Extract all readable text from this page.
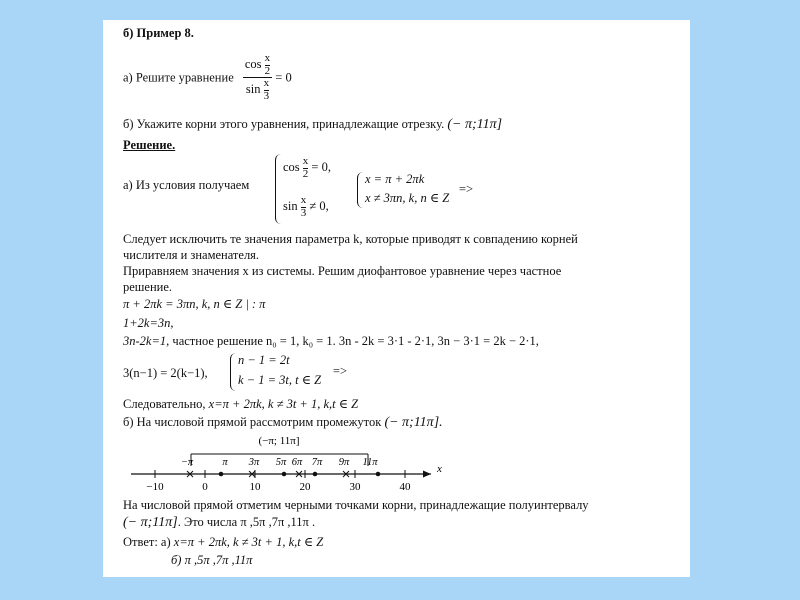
б) Пример 8.
а) Решите уравнение $\frac{\cos \frac{x}{2}}{\sin \frac{x}{3}} = 0$
б) Укажите корни этого уравнения, принадлежащие отрезку. (− π;11π]
Решение.
а) Из условия получаем
$\cos \frac{x}{2} = 0$,
$\sin \frac{x}{3} \ne 0$,
x = π + 2πk
x ≠ 3πn, k, n ∈ Z
=>
Следует исключить те значения параметра k, которые приводят к совпадению корней
числителя и знаменателя.
Приравняем значения x из системы. Решим диофантовое уравнение через частное
решение.
π + 2πk = 3πn, k, n ∈ Z | : π
1+2k=3n,
3n-2k=1, частное решение n₀ = 1, k₀ = 1. 3n - 2k = 3·1 - 2·1, 3n − 3·1 = 2k − 2·1,
3(n−1) = 2(k−1),
n − 1 = 2t
k − 1 = 3t, t ∈ Z
=>
Следовательно, x=π + 2πk, k ≠ 3t + 1, k,t ∈ Z
б) На числовой прямой рассмотрим промежуток (− π;11π].
(−π; 11π]
x
−π	π 3π 5π 6π 7π 9π 11π
−10	0	10	20	30	40
На числовой прямой отметим черными точками корни, принадлежащие полуинтервалу
(− π;11π]. Это числа π ,5π ,7π ,11π .
Ответ: а) x=π + 2πk, k ≠ 3t + 1, k,t ∈ Z
б) π ,5π ,7π ,11π
